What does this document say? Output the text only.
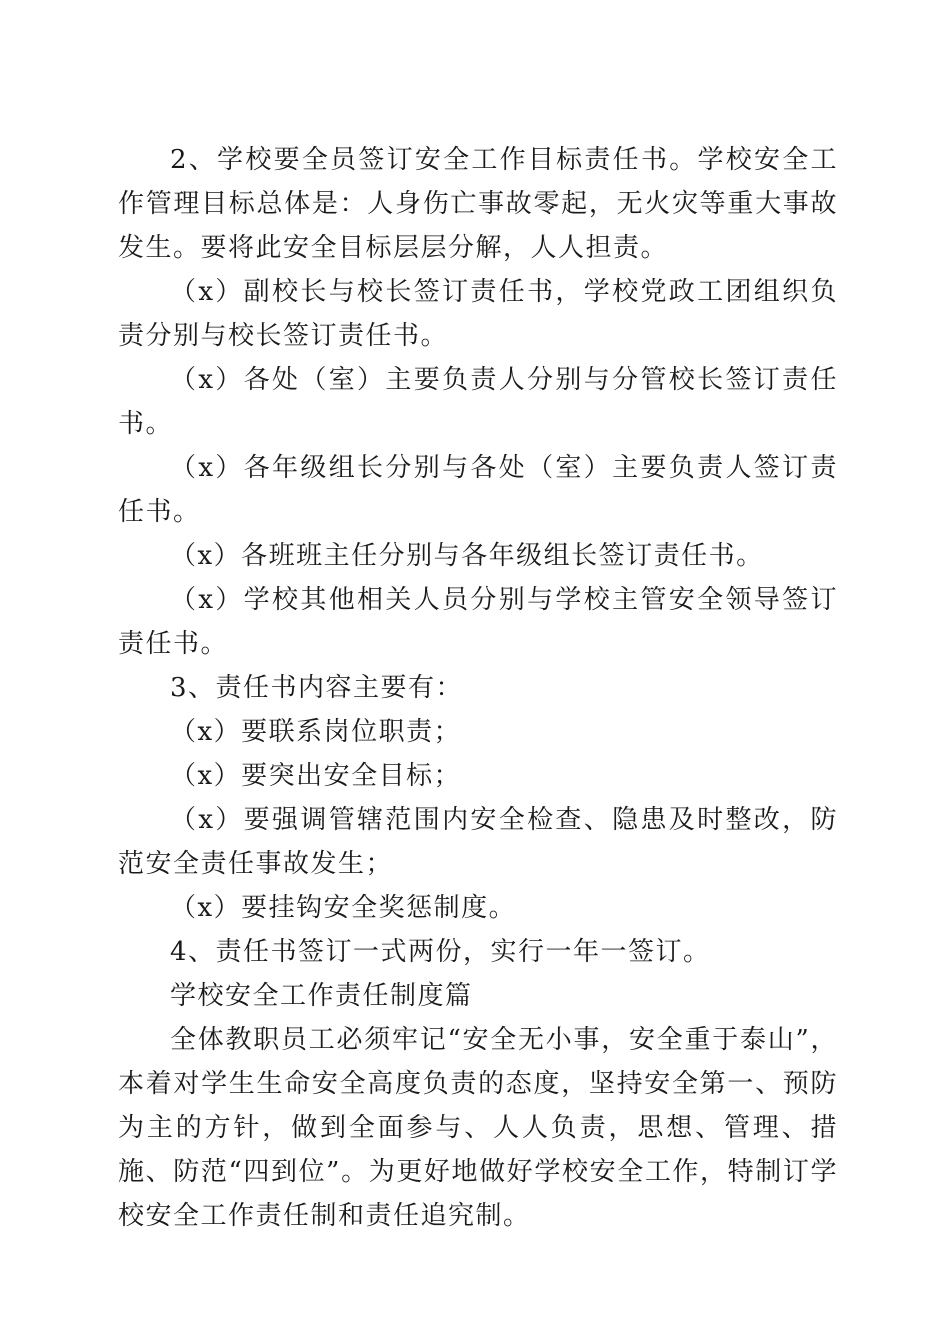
2、学校要全员签订安全工作目标责任书。学校安全工作管理目标总体是：人身伤亡事故零起，无火灾等重大事故发生。要将此安全目标层层分解，人人担责。

（x）副校长与校长签订责任书，学校党政工团组织负责分别与校长签订责任书。

（x）各处（室）主要负责人分别与分管校长签订责任书。

（x）各年级组长分别与各处（室）主要负责人签订责任书。

（x）各班班主任分别与各年级组长签订责任书。

（x）学校其他相关人员分别与学校主管安全领导签订责任书。

3、责任书内容主要有：

（x）要联系岗位职责；

（x）要突出安全目标；

（x）要强调管辖范围内安全检查、隐患及时整改，防范安全责任事故发生；

（x）要挂钩安全奖惩制度。

4、责任书签订一式两份，实行一年一签订。

学校安全工作责任制度篇

全体教职员工必须牢记“安全无小事，安全重于泰山”，本着对学生生命安全高度负责的态度，坚持安全第一、预防为主的方针，做到全面参与、人人负责，思想、管理、措施、防范“四到位”。为更好地做好学校安全工作，特制订学校安全工作责任制和责任追究制。
